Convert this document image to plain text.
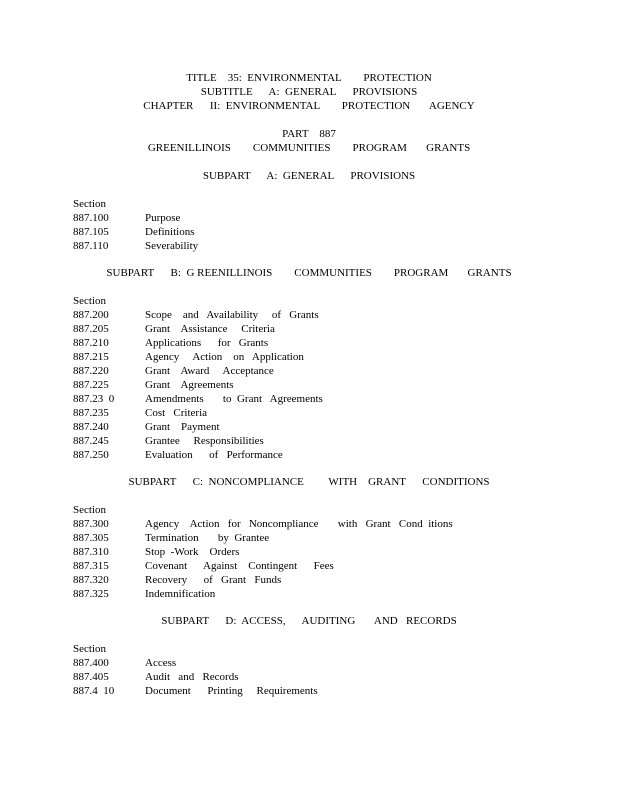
TITLE    35:  ENVIRONMENTAL        PROTECTION
SUBTITLE      A:  GENERAL      PROVISIONS
CHAPTER      II:  ENVIRONMENTAL        PROTECTION       AGENCY
PART    887
GREENILLINOIS        COMMUNITIES        PROGRAM       GRANTS
SUBPART      A:  GENERAL      PROVISIONS
Section
887.100	Purpose
887.105	Definitions
887.110	Severability
SUBPART      B:  G REENILLINOIS        COMMUNITIES        PROGRAM       GRANTS
Section
887.200	Scope    and   Availability     of   Grants
887.205	Grant    Assistance     Criteria
887.210	Applications      for   Grants
887.215	Agency     Action    on   Application
887.220	Grant    Award     Acceptance
887.225	Grant    Agreements
887.23  0	Amendments       to  Grant   Agreements
887.235	Cost   Criteria
887.240	Grant    Payment
887.245	Grantee     Responsibilities
887.250	Evaluation      of   Performance
SUBPART      C:  NONCOMPLIANCE         WITH    GRANT      CONDITIONS
Section
887.300	Agency    Action   for   Noncompliance       with   Grant   Cond  itions
887.305	Termination       by  Grantee
887.310	Stop  -Work    Orders
887.315	Covenant      Against    Contingent      Fees
887.320	Recovery      of   Grant   Funds
887.325	Indemnification
SUBPART      D:  ACCESS,      AUDITING       AND   RECORDS
Section
887.400	Access
887.405	Audit   and   Records
887.4  10	Document      Printing     Requirements
